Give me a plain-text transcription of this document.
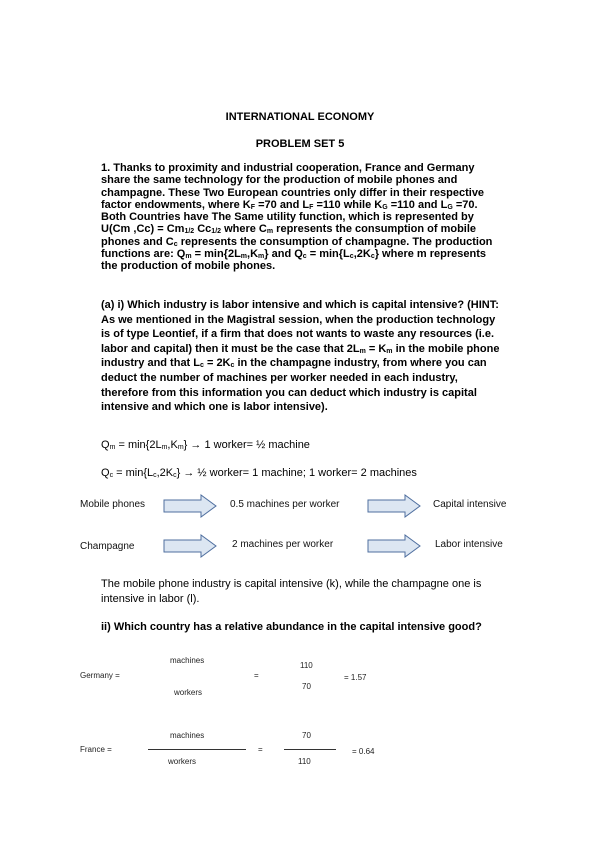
INTERNATIONAL ECONOMY
PROBLEM SET 5

1. Thanks to proximity and industrial cooperation, France and Germany share the same technology for the production of mobile phones and champagne. These Two European countries only differ in their respective factor endowments, where $K_F =70$ and $L_F =110$ while $K_G =110$ and $L_G =70$. Both Countries have The Same utility function, which is represented by U(Cm $,Cc) = Cm_{1/2}$ $Cc_{1/2}$ where $C_m$ represents the consumption of mobile phones and $C_c$ represents the consumption of champagne. The production functions are: $Q_m = \min\{2L_m,K_m\}$ and $Q_c = \min\{L_c,2K_c\}$ where m represents the production of mobile phones.

(a) i) Which industry is labor intensive and which is capital intensive? (HINT: As we mentioned in the Magistral session, when the production technology is of type Leontief, if a firm that does not wants to waste any resources (i.e. labor and capital) then it must be the case that $2L_m = K_m$ in the mobile phone industry and that $L_c = 2K_c$ in the champagne industry, from where you can deduct the number of machines per worker needed in each industry, therefore from this information you can deduct which industry is capital intensive and which one is labor intensive).

$Q_m = \min\{2L_m,K_m\} \to 1$ worker= ½ machine
$Q_c = \min\{L_c,2K_c\}$ → ½ worker= 1 machine; 1 worker= 2 machines
Mobile phones	0.5 machines per worker	Capital intensive
Champagne	2 machines per worker	Labor intensive

The mobile phone industry is capital intensive (k), while the champagne one is intensive in labor (l).

ii) Which country has a relative abundance in the capital intensive good?

Germany =
machines
workers
=
110
70
= 1.57
France =
machines
workers
=
70
110
= 0.64
